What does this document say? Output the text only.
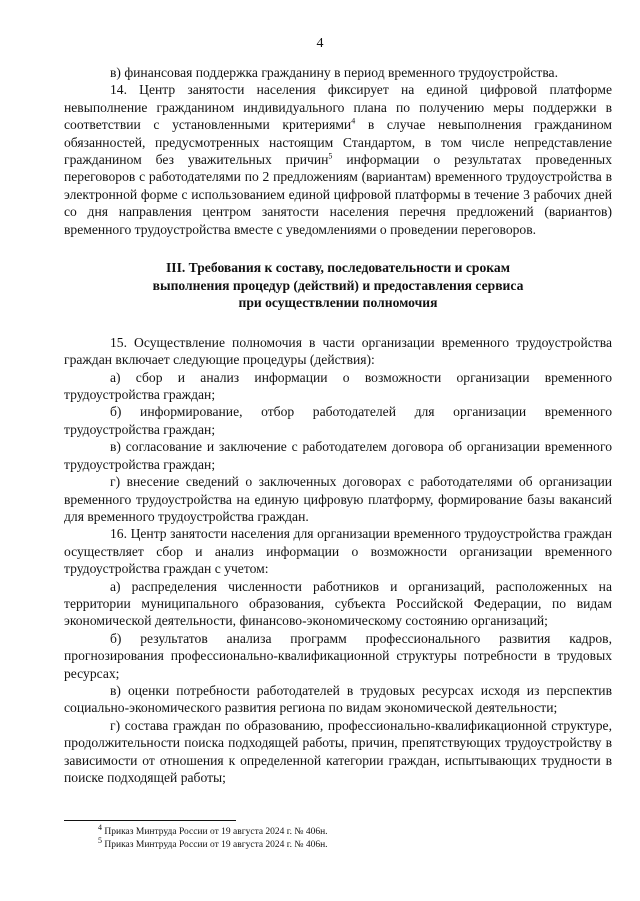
4

в) финансовая поддержка гражданину в период временного трудоустройства.

14. Центр занятости населения фиксирует на единой цифровой платформе невыполнение гражданином индивидуального плана по получению меры поддержки в соответствии с установленными критериями$^4$ в случае невыполнения гражданином обязанностей, предусмотренных настоящим Стандартом, в том числе непредставление гражданином без уважительных причин$^5$ информации о результатах проведенных переговоров с работодателями по 2 предложениям (вариантам) временного трудоустройства в электронной форме с использованием единой цифровой платформы в течение 3 рабочих дней со дня направления центром занятости населения перечня предложений (вариантов) временного трудоустройства вместе с уведомлениями о проведении переговоров.

III. Требования к составу, последовательности и срокам
выполнения процедур (действий) и предоставления сервиса
при осуществлении полномочия

15. Осуществление полномочия в части организации временного трудоустройства граждан включает следующие процедуры (действия):

а) сбор и анализ информации о возможности организации временного трудоустройства граждан;

б) информирование, отбор работодателей для организации временного трудоустройства граждан;

в) согласование и заключение с работодателем договора об организации временного трудоустройства граждан;

г) внесение сведений о заключенных договорах с работодателями об организации временного трудоустройства на единую цифровую платформу, формирование базы вакансий для временного трудоустройства граждан.

16. Центр занятости населения для организации временного трудоустройства граждан осуществляет сбор и анализ информации о возможности организации временного трудоустройства граждан с учетом:

а) распределения численности работников и организаций, расположенных на территории муниципального образования, субъекта Российской Федерации, по видам экономической деятельности, финансово-экономическому состоянию организаций;

б) результатов анализа программ профессионального развития кадров, прогнозирования профессионально-квалификационной структуры потребности в трудовых ресурсах;

в) оценки потребности работодателей в трудовых ресурсах исходя из перспектив социально-экономического развития региона по видам экономической деятельности;

г) состава граждан по образованию, профессионально-квалификационной структуре, продолжительности поиска подходящей работы, причин, препятствующих трудоустройству в зависимости от отношения к определенной категории граждан, испытывающих трудности в поиске подходящей работы;

$^4$ Приказ Минтруда России от 19 августа 2024 г. № 406н.
$^5$ Приказ Минтруда России от 19 августа 2024 г. № 406н.
